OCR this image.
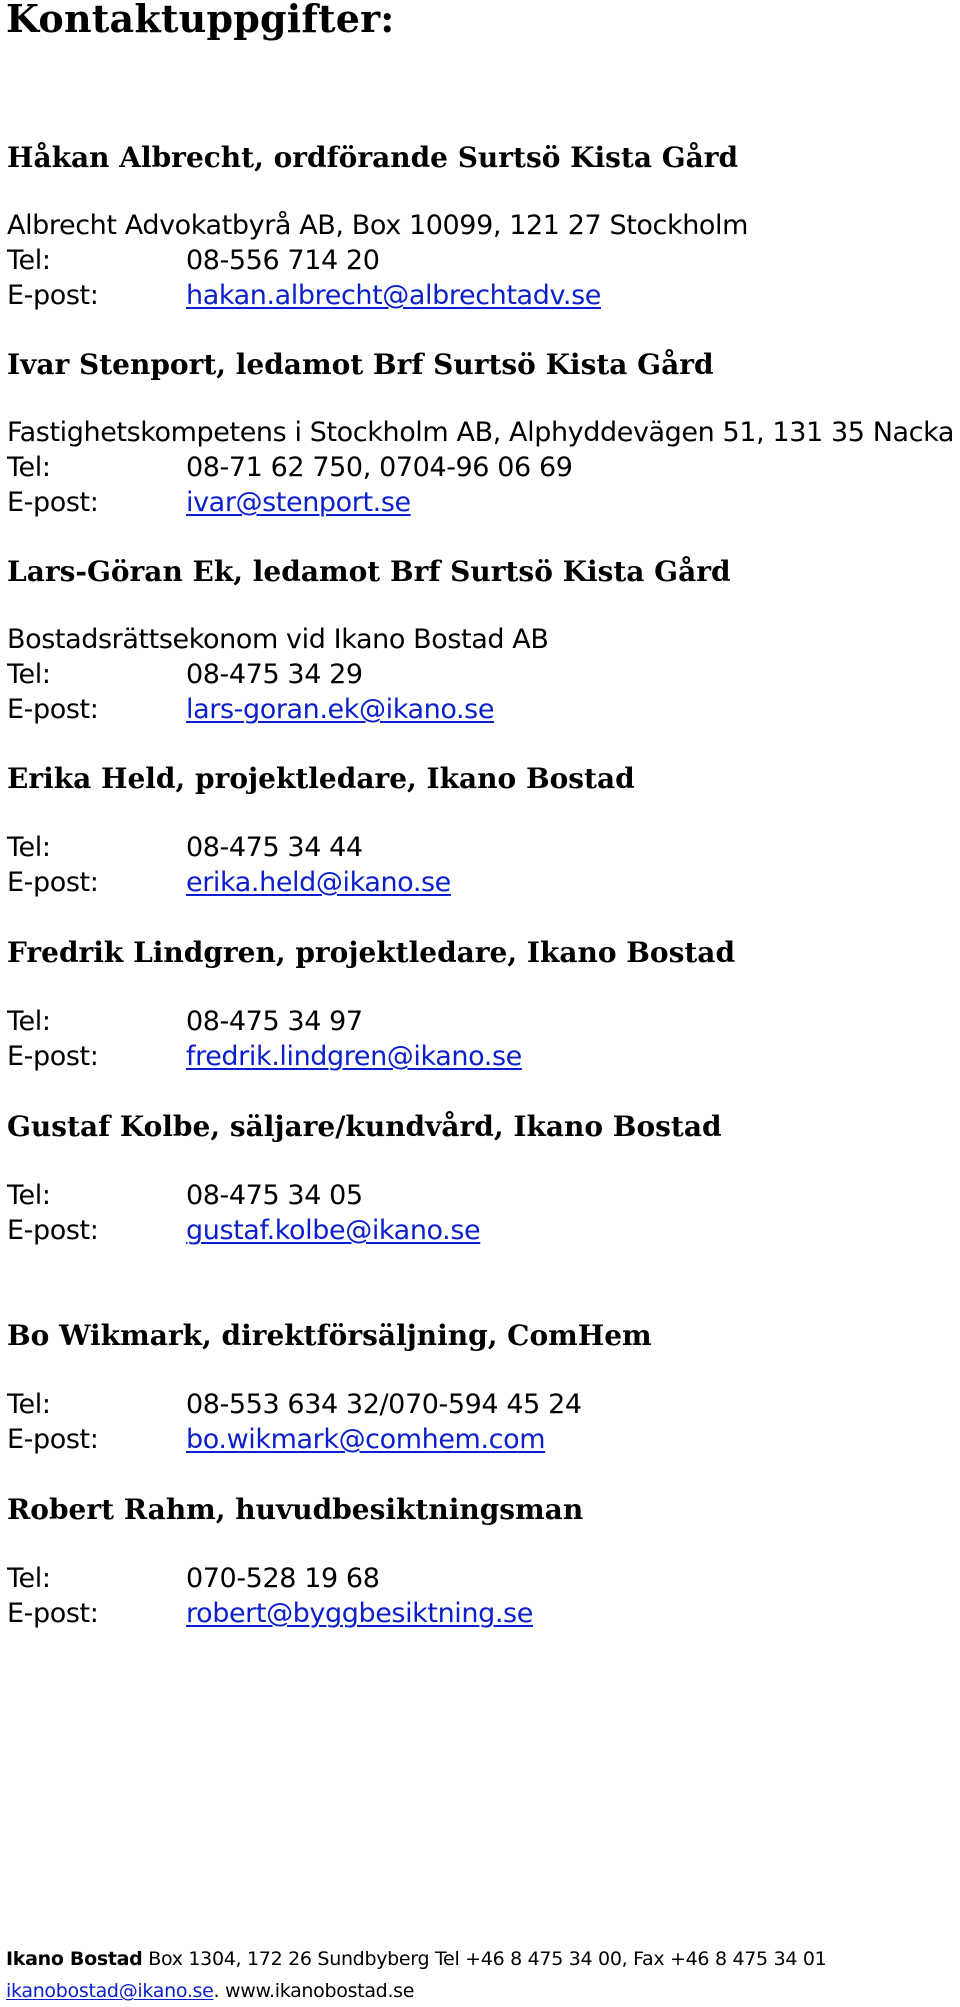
Kontaktuppgifter:
Håkan Albrecht, ordförande Surtsö Kista Gård
Albrecht Advokatbyrå AB, Box 10099, 121 27 Stockholm
Tel:	08-556 714 20
E-post:	hakan.albrecht@albrechtadv.se
Ivar Stenport, ledamot Brf Surtsö Kista Gård
Fastighetskompetens i Stockholm AB, Alphyddevägen 51, 131 35 Nacka
Tel:	08-71 62 750, 0704-96 06 69
E-post:	ivar@stenport.se
Lars-Göran Ek, ledamot Brf Surtsö Kista Gård
Bostadsrättsekonom vid Ikano Bostad AB
Tel:	08-475 34 29
E-post:	lars-goran.ek@ikano.se
Erika Held, projektledare, Ikano Bostad
Tel:	08-475 34 44
E-post:	erika.held@ikano.se
Fredrik Lindgren, projektledare, Ikano Bostad
Tel:	08-475 34 97
E-post:	fredrik.lindgren@ikano.se
Gustaf Kolbe, säljare/kundvård, Ikano Bostad
Tel:	08-475 34 05
E-post:	gustaf.kolbe@ikano.se
Bo Wikmark, direktförsäljning, ComHem
Tel:	08-553 634 32/070-594 45 24
E-post:	bo.wikmark@comhem.com
Robert Rahm, huvudbesiktningsman
Tel:	070-528 19 68
E-post:	robert@byggbesiktning.se
Ikano Bostad Box 1304, 172 26 Sundbyberg Tel +46 8 475 34 00, Fax +46 8 475 34 01
ikanobostad@ikano.se. www.ikanobostad.se
